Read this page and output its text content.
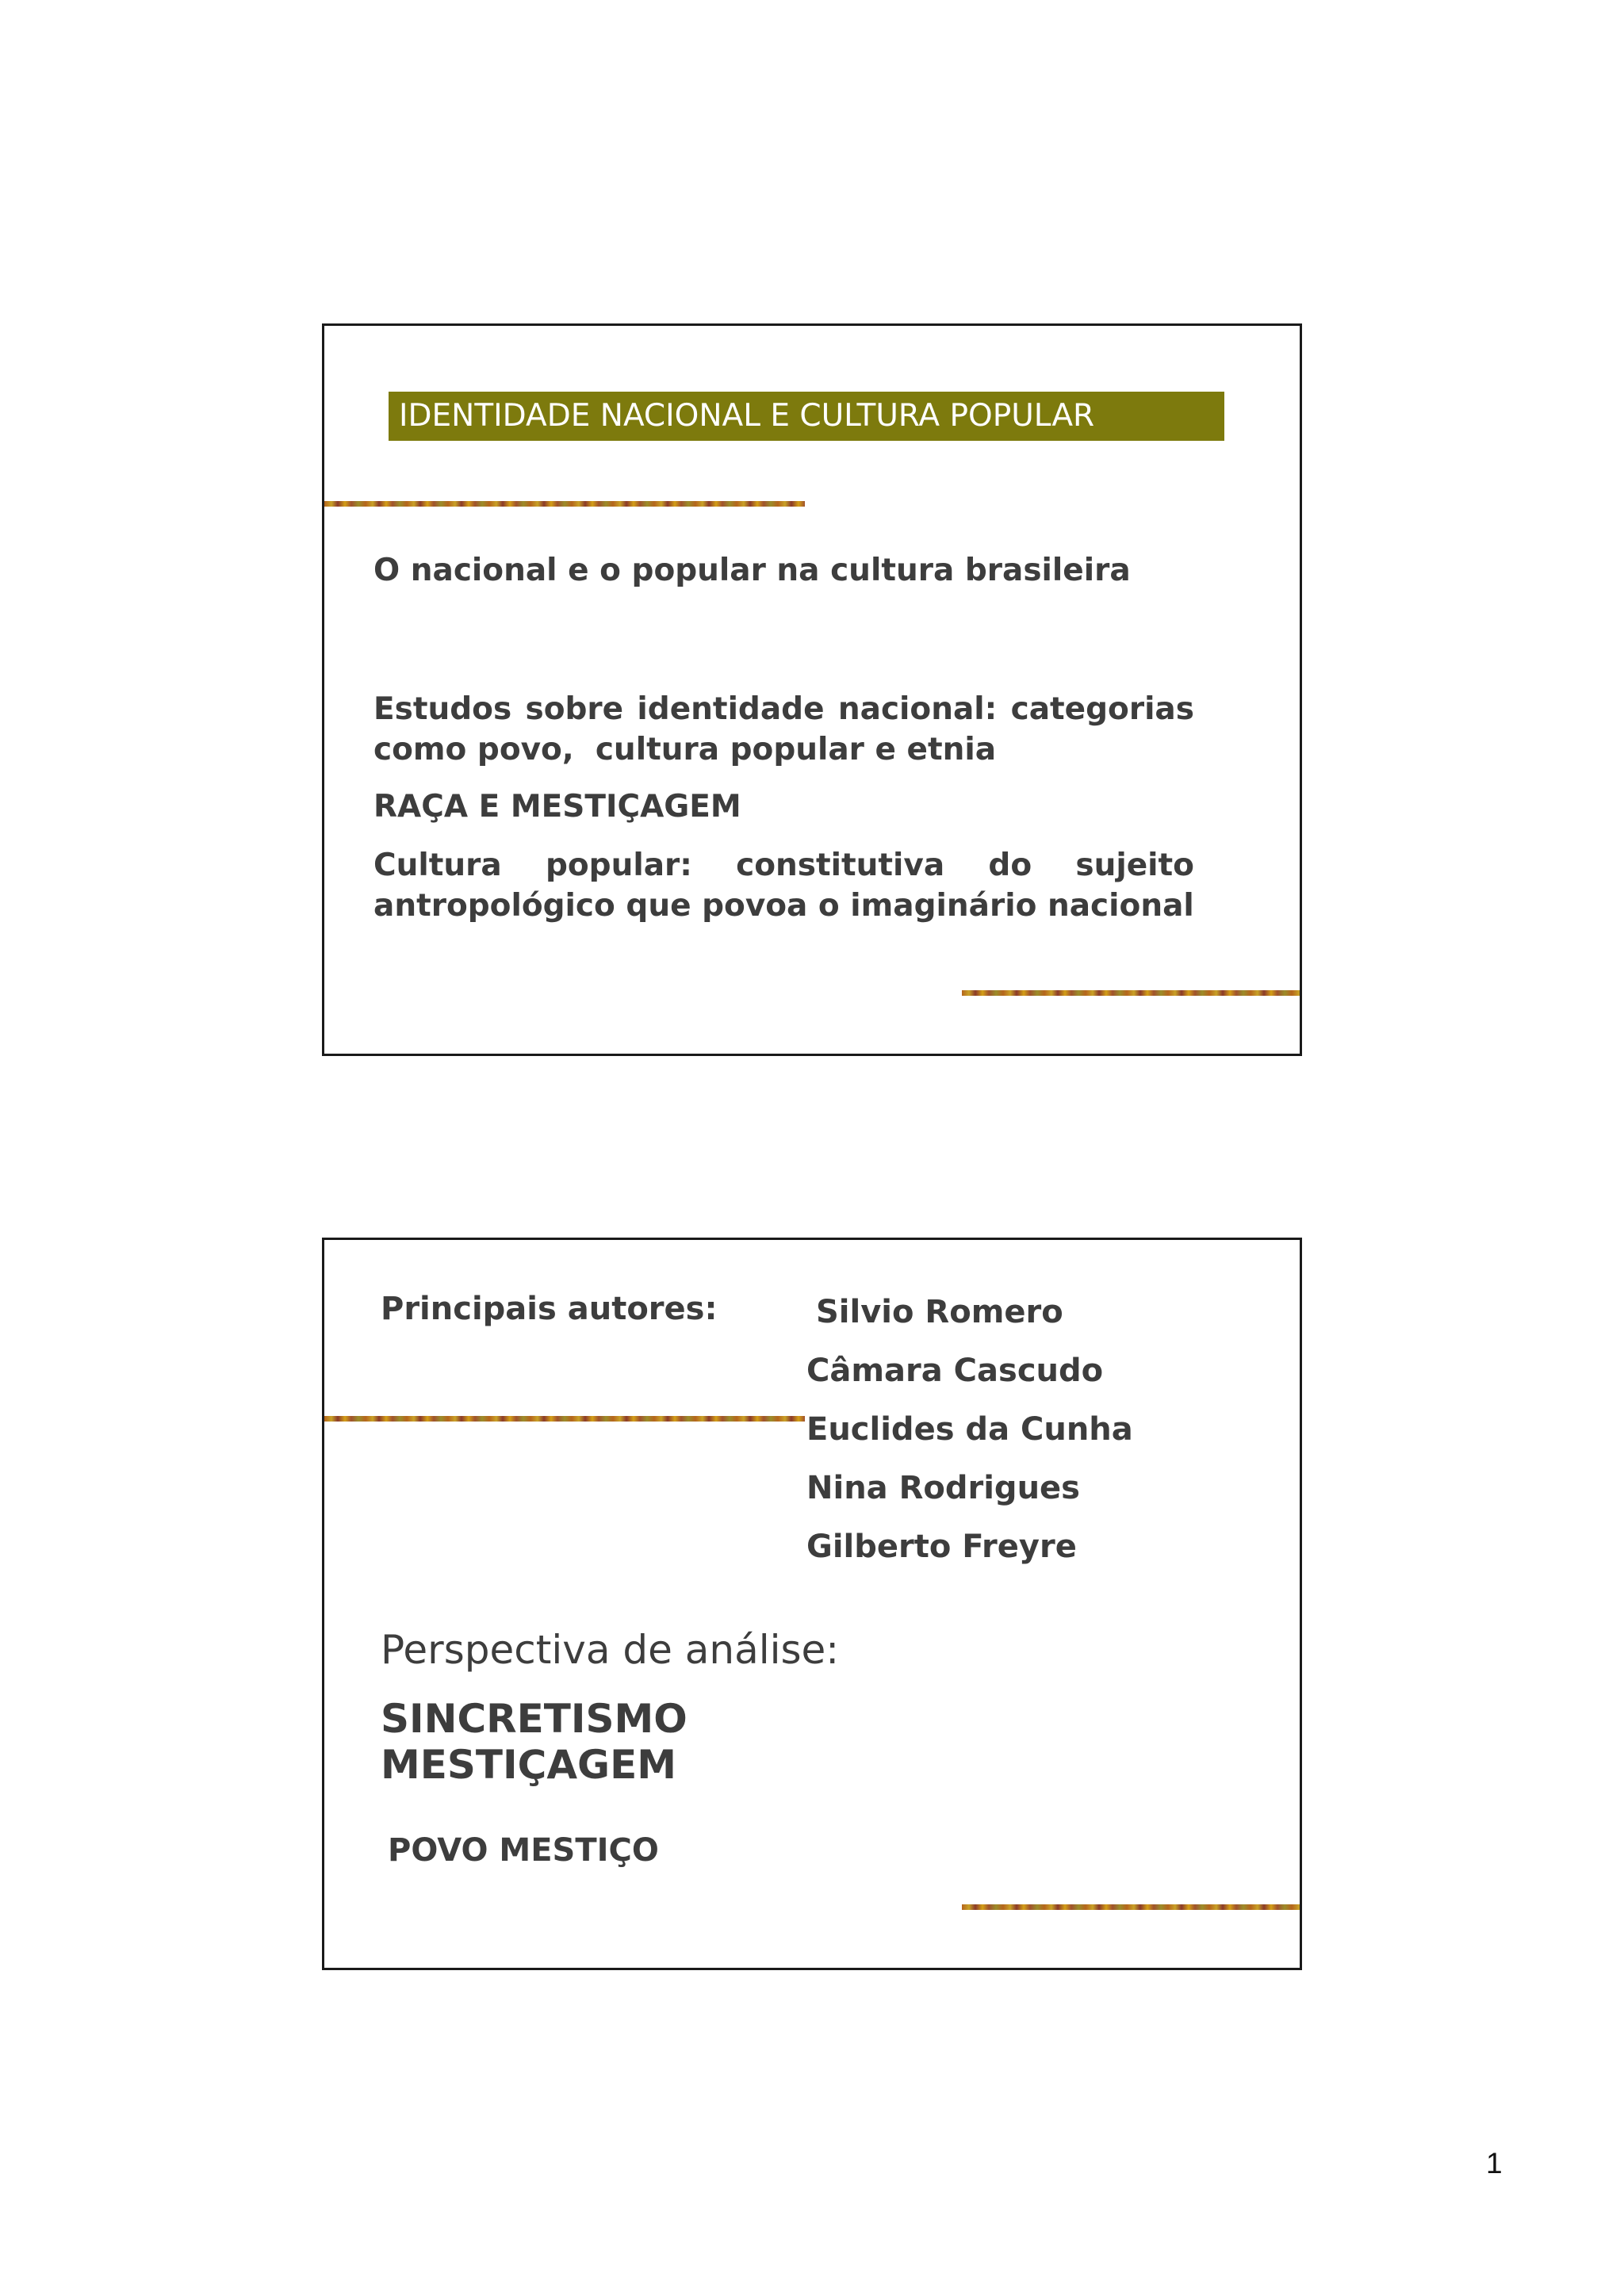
IDENTIDADE NACIONAL E CULTURA POPULAR
O nacional e o popular na cultura brasileira
Estudos sobre identidade nacional: categorias
como povo,  cultura popular e etnia
RAÇA E MESTIÇAGEM
Cultura popular: constitutiva do sujeito
antropológico que povoa o imaginário nacional
Principais autores:	Silvio Romero
Câmara Cascudo
Euclides da Cunha
Nina Rodrigues
Gilberto Freyre
Perspectiva de análise:
SINCRETISMO
MESTIÇAGEM
POVO MESTIÇO
1
